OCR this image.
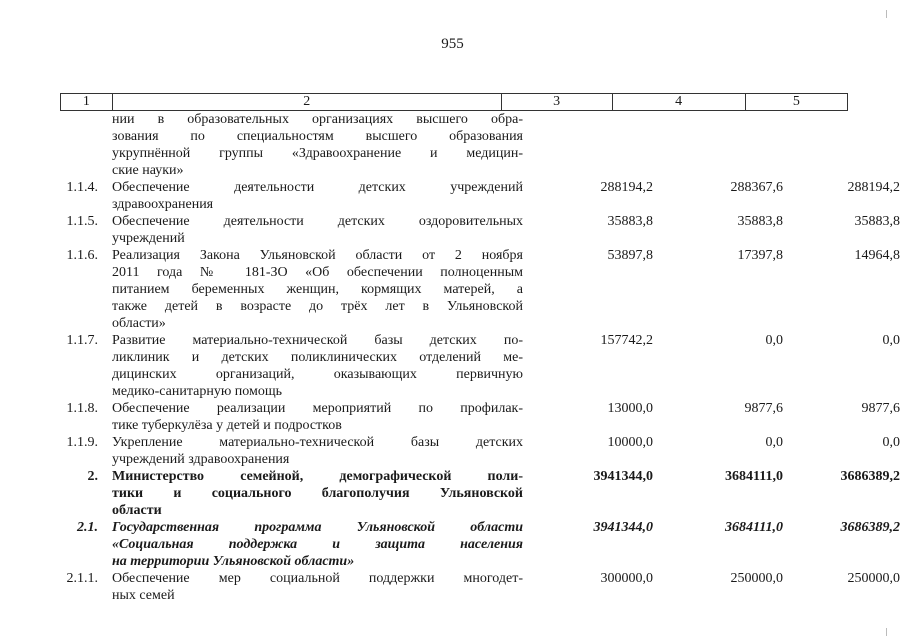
955
1	2	3	4	5
нии в образовательных организациях высшего обра-
зования по специальностям высшего образования
укрупнённой группы «Здравоохранение и медицин-
ские науки»
1.1.4.	Обеспечение деятельности детских учреждений
здравоохранения
288194,2	288367,6	288194,2
1.1.5.	Обеспечение деятельности детских оздоровительных
учреждений
35883,8	35883,8	35883,8
1.1.6.	Реализация Закона Ульяновской области от 2 ноября
2011 года № 181-ЗО «Об обеспечении полноценным
питанием беременных женщин, кормящих матерей, а
также детей в возрасте до трёх лет в Ульяновской
области»
53897,8	17397,8	14964,8
1.1.7.	Развитие материально-технической базы детских по-
ликлиник и детских поликлинических отделений ме-
дицинских организаций, оказывающих первичную
медико-санитарную помощь
157742,2	0,0	0,0
1.1.8.	Обеспечение реализации мероприятий по профилак-
тике туберкулёза у детей и подростков
13000,0	9877,6	9877,6
1.1.9.	Укрепление материально-технической базы детских
учреждений здравоохранения
10000,0	0,0	0,0
2.	Министерство семейной, демографической поли-
тики и социального благополучия Ульяновской
области
3941344,0	3684111,0	3686389,2
2.1.	Государственная программа Ульяновской области
«Социальная поддержка и защита населения
на территории Ульяновской области»
3941344,0	3684111,0	3686389,2
2.1.1.	Обеспечение мер социальной поддержки многодет-
ных семей
300000,0	250000,0	250000,0
